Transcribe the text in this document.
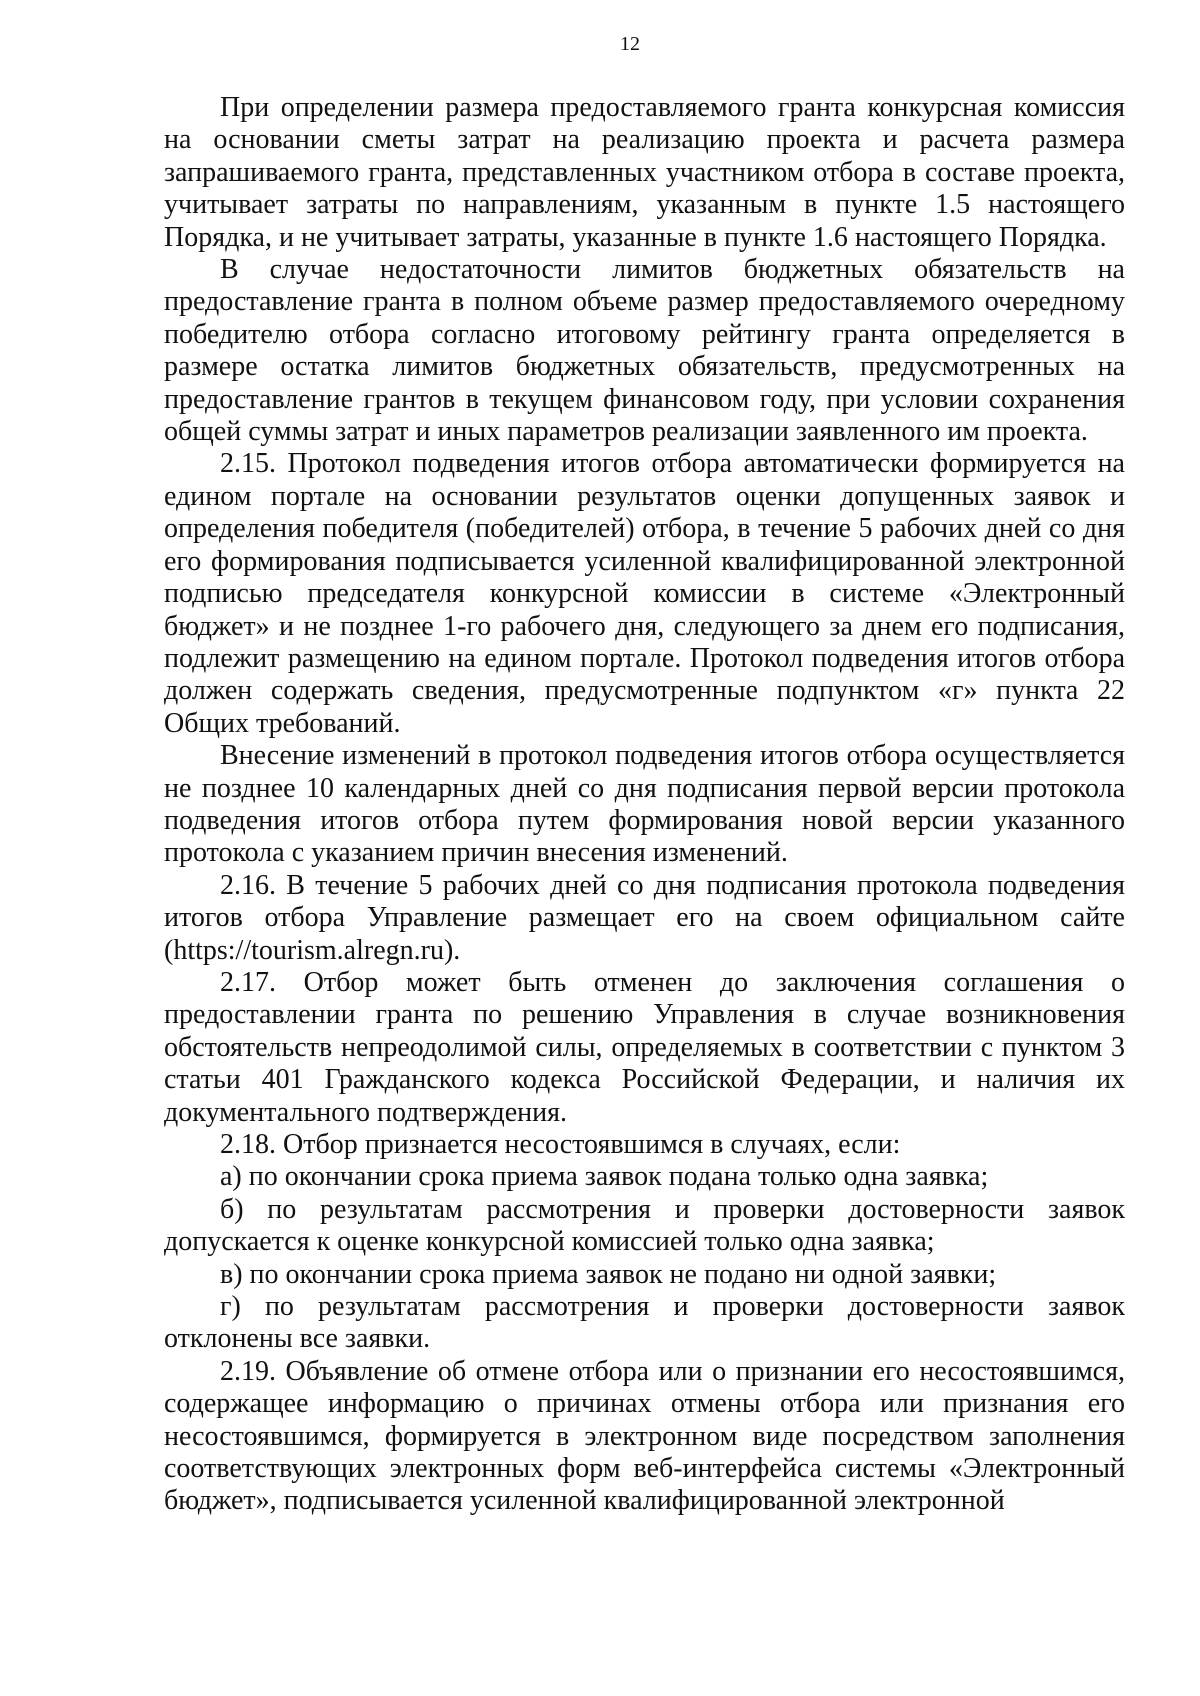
12

При определении размера предоставляемого гранта конкурсная комиссия на основании сметы затрат на реализацию проекта и расчета размера запрашиваемого гранта, представленных участником отбора в составе проекта, учитывает затраты по направлениям, указанным в пункте 1.5 настоящего Порядка, и не учитывает затраты, указанные в пункте 1.6 настоящего Порядка.

В случае недостаточности лимитов бюджетных обязательств на предоставление гранта в полном объеме размер предоставляемого очередному победителю отбора согласно итоговому рейтингу гранта определяется в размере остатка лимитов бюджетных обязательств, предусмотренных на предоставление грантов в текущем финансовом году, при условии сохранения общей суммы затрат и иных параметров реализации заявленного им проекта.

2.15. Протокол подведения итогов отбора автоматически формируется на едином портале на основании результатов оценки допущенных заявок и определения победителя (победителей) отбора, в течение 5 рабочих дней со дня его формирования подписывается усиленной квалифицированной электронной подписью председателя конкурсной комиссии в системе «Электронный бюджет» и не позднее 1-го рабочего дня, следующего за днем его подписания, подлежит размещению на едином портале. Протокол подведения итогов отбора должен содержать сведения, предусмотренные подпунктом «г» пункта 22 Общих требований.

Внесение изменений в протокол подведения итогов отбора осуществляется не позднее 10 календарных дней со дня подписания первой версии протокола подведения итогов отбора путем формирования новой версии указанного протокола с указанием причин внесения изменений.

2.16. В течение 5 рабочих дней со дня подписания протокола подведения итогов отбора Управление размещает его на своем официальном сайте (https://tourism.alregn.ru).

2.17. Отбор может быть отменен до заключения соглашения о предоставлении гранта по решению Управления в случае возникновения обстоятельств непреодолимой силы, определяемых в соответствии с пунктом 3 статьи 401 Гражданского кодекса Российской Федерации, и наличия их документального подтверждения.

2.18. Отбор признается несостоявшимся в случаях, если:

а) по окончании срока приема заявок подана только одна заявка;

б) по результатам рассмотрения и проверки достоверности заявок допускается к оценке конкурсной комиссией только одна заявка;

в) по окончании срока приема заявок не подано ни одной заявки;

г) по результатам рассмотрения и проверки достоверности заявок отклонены все заявки.

2.19. Объявление об отмене отбора или о признании его несостоявшимся, содержащее информацию о причинах отмены отбора или признания его несостоявшимся, формируется в электронном виде посредством заполнения соответствующих электронных форм веб-интерфейса системы «Электронный бюджет», подписывается усиленной квалифицированной электронной
